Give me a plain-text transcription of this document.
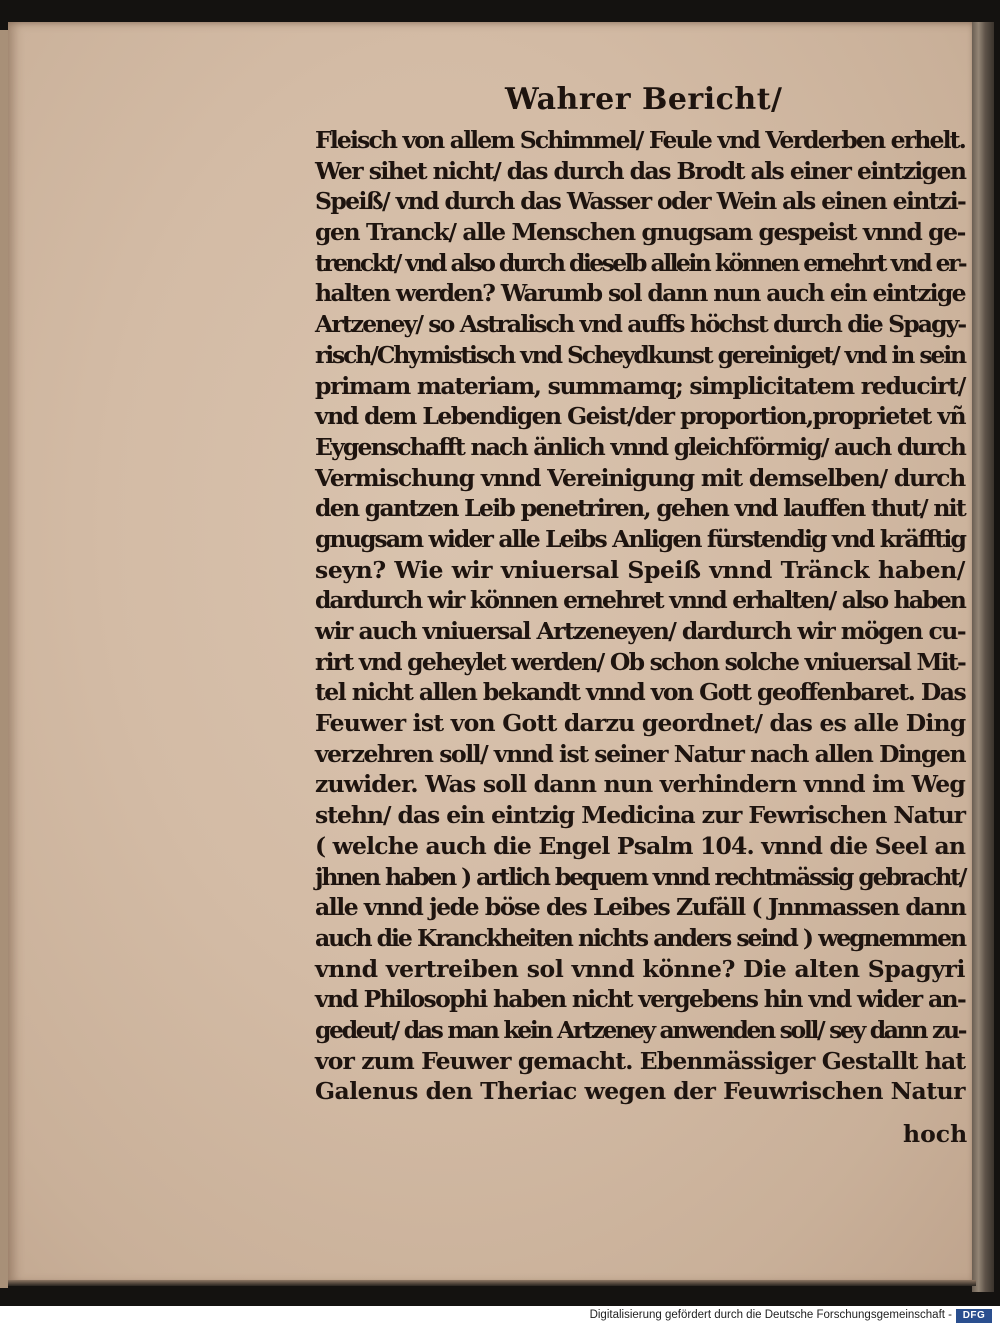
Wahrer Bericht/
Fleisch von allem Schimmel/ Feule vnd Verderben erhelt.
Wer sihet nicht/ das durch das Brodt als einer eintzigen
Speiß/ vnd durch das Wasser oder Wein als einen eintzi-
gen Tranck/ alle Menschen gnugsam gespeist vnnd ge-
trenckt/ vnd also durch dieselb allein können ernehrt vnd er-
halten werden? Warumb sol dann nun auch ein eintzige
Artzeney/ so Astralisch vnd auffs höchst durch die Spagy-
risch/Chymistisch vnd Scheydkunst gereiniget/ vnd in sein
primam materiam, summamq; simplicitatem reducirt/
vnd dem Lebendigen Geist/der proportion,proprietet vñ
Eygenschafft nach änlich vnnd gleichförmig/ auch durch
Vermischung vnnd Vereinigung mit demselben/ durch
den gantzen Leib penetriren, gehen vnd lauffen thut/ nit
gnugsam wider alle Leibs Anligen fürstendig vnd kräfftig
seyn? Wie wir vniuersal Speiß vnnd Tränck haben/
dardurch wir können ernehret vnnd erhalten/ also haben
wir auch vniuersal Artzeneyen/ dardurch wir mögen cu-
rirt vnd geheylet werden/ Ob schon solche vniuersal Mit-
tel nicht allen bekandt vnnd von Gott geoffenbaret. Das
Feuwer ist von Gott darzu geordnet/ das es alle Ding
verzehren soll/ vnnd ist seiner Natur nach allen Dingen
zuwider. Was soll dann nun verhindern vnnd im Weg
stehn/ das ein eintzig Medicina zur Fewrischen Natur
( welche auch die Engel Psalm 104. vnnd die Seel an
jhnen haben ) artlich bequem vnnd rechtmässig gebracht/
alle vnnd jede böse des Leibes Zufäll ( Jnnmassen dann
auch die Kranckheiten nichts anders seind ) wegnemmen
vnnd vertreiben sol vnnd könne? Die alten Spagyri
vnd Philosophi haben nicht vergebens hin vnd wider an-
gedeut/ das man kein Artzeney anwenden soll/ sey dann zu-
vor zum Feuwer gemacht. Ebenmässiger Gestallt hat
Galenus den Theriac wegen der Feuwrischen Natur
hoch
Digitalisierung gefördert durch die Deutsche Forschungsgemeinschaft -	DFG
